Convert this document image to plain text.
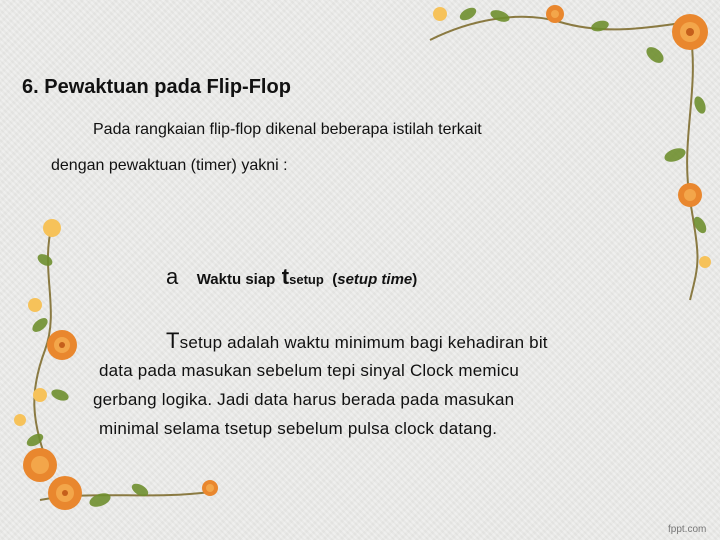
6. Pewaktuan pada Flip-Flop
Pada rangkaian flip-flop dikenal beberapa istilah terkait
dengan pewaktuan (timer) yakni :
a Waktu siap tsetup (setup time)
Tsetup adalah waktu minimum bagi kehadiran bit
data pada masukan sebelum tepi sinyal Clock memicu
gerbang logika. Jadi data harus berada pada masukan
minimal selama tsetup sebelum pulsa clock datang.
fppt.com
